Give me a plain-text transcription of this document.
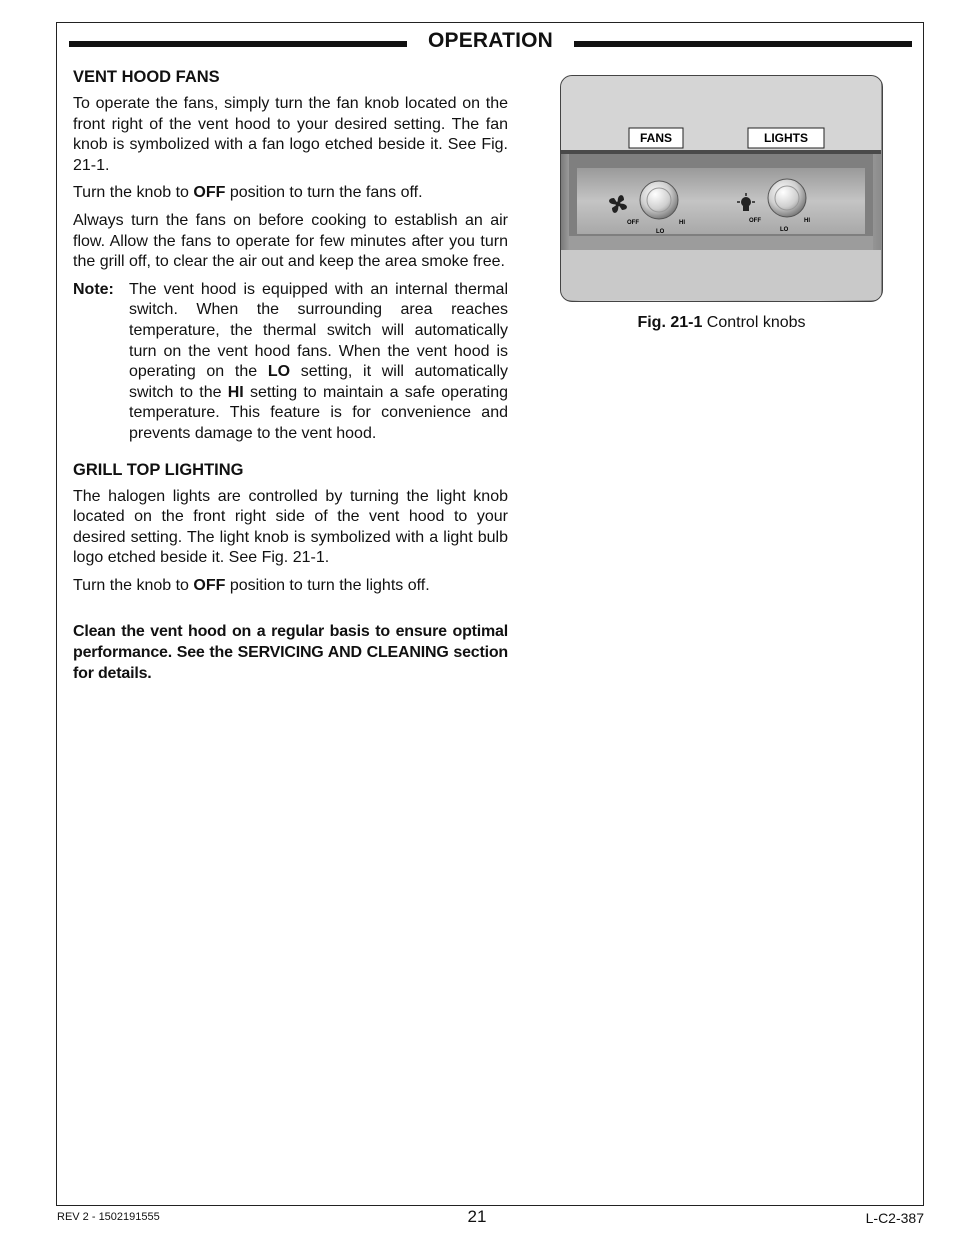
OPERATION
VENT HOOD FANS

To operate the fans, simply turn the fan knob located on the front right of the vent hood to your desired setting. The fan knob is symbolized with a fan logo etched beside it. See Fig. 21-1.

Turn the knob to OFF position to turn the fans off.

Always turn the fans on before cooking to establish an air flow. Allow the fans to operate for few minutes after you turn the grill off, to clear the air out and keep the area smoke free.

Note: The vent hood is equipped with an internal thermal switch. When the surrounding area reaches temperature, the thermal switch will automatically turn on the vent hood fans. When the vent hood is operating on the LO setting, it will automatically switch to the HI setting to maintain a safe operating temperature. This feature is for convenience and prevents damage to the vent hood.
GRILL TOP LIGHTING

The halogen lights are controlled by turning the light knob located on the front right side of the vent hood to your desired setting. The light knob is symbolized with a light bulb logo etched beside it. See Fig. 21-1.

Turn the knob to OFF position to turn the lights off.

Clean the vent hood on a regular basis to ensure optimal performance. See the SERVICING AND CLEANING section for details.

FANS	LIGHTS
OFF
LO
HI	OFF
LO
HI
Fig. 21-1 Control knobs
REV 2 - 1502191555	21	L-C2-387
